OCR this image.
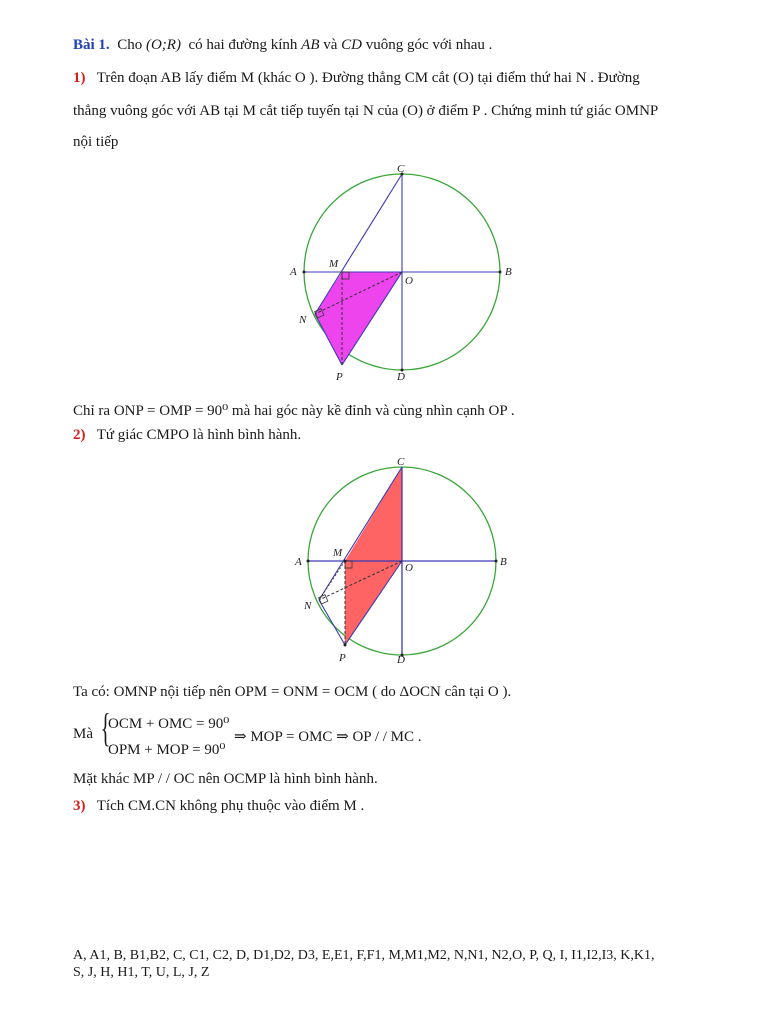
Bài 1. Cho (O;R) có hai đường kính AB và CD vuông góc với nhau .
1) Trên đoạn AB lấy điểm M (khác O ). Đường thẳng CM cắt (O) tại điểm thứ hai N . Đường
thẳng vuông góc với AB tại M cắt tiếp tuyến tại N của (O) ở điểm P . Chứng minh tứ giác OMNP
nội tiếp
C
A	B
M
O
N
P	D
Chỉ ra ONP = OMP = 90⁰ mà hai góc này kề đỉnh và cùng nhìn cạnh OP .
2) Tứ giác CMPO là hình bình hành.
C
A	B
M
O
N
P	D
Ta có: OMNP nội tiếp nên OPM = ONM = OCM ( do ΔOCN cân tại O ).
Mà {
OCM + OMC = 90⁰
OPM + MOP = 90⁰
⇒ MOP = OMC ⇒ OP / / MC .
Mặt khác MP / / OC nên OCMP là hình bình hành.
3) Tích CM.CN không phụ thuộc vào điểm M .
A, A1, B, B1,B2, C, C1, C2, D, D1,D2, D3, E,E1, F,F1, M,M1,M2, N,N1, N2,O, P, Q, I, I1,I2,I3, K,K1,
S, J, H, H1, T, U, L, J, Z
